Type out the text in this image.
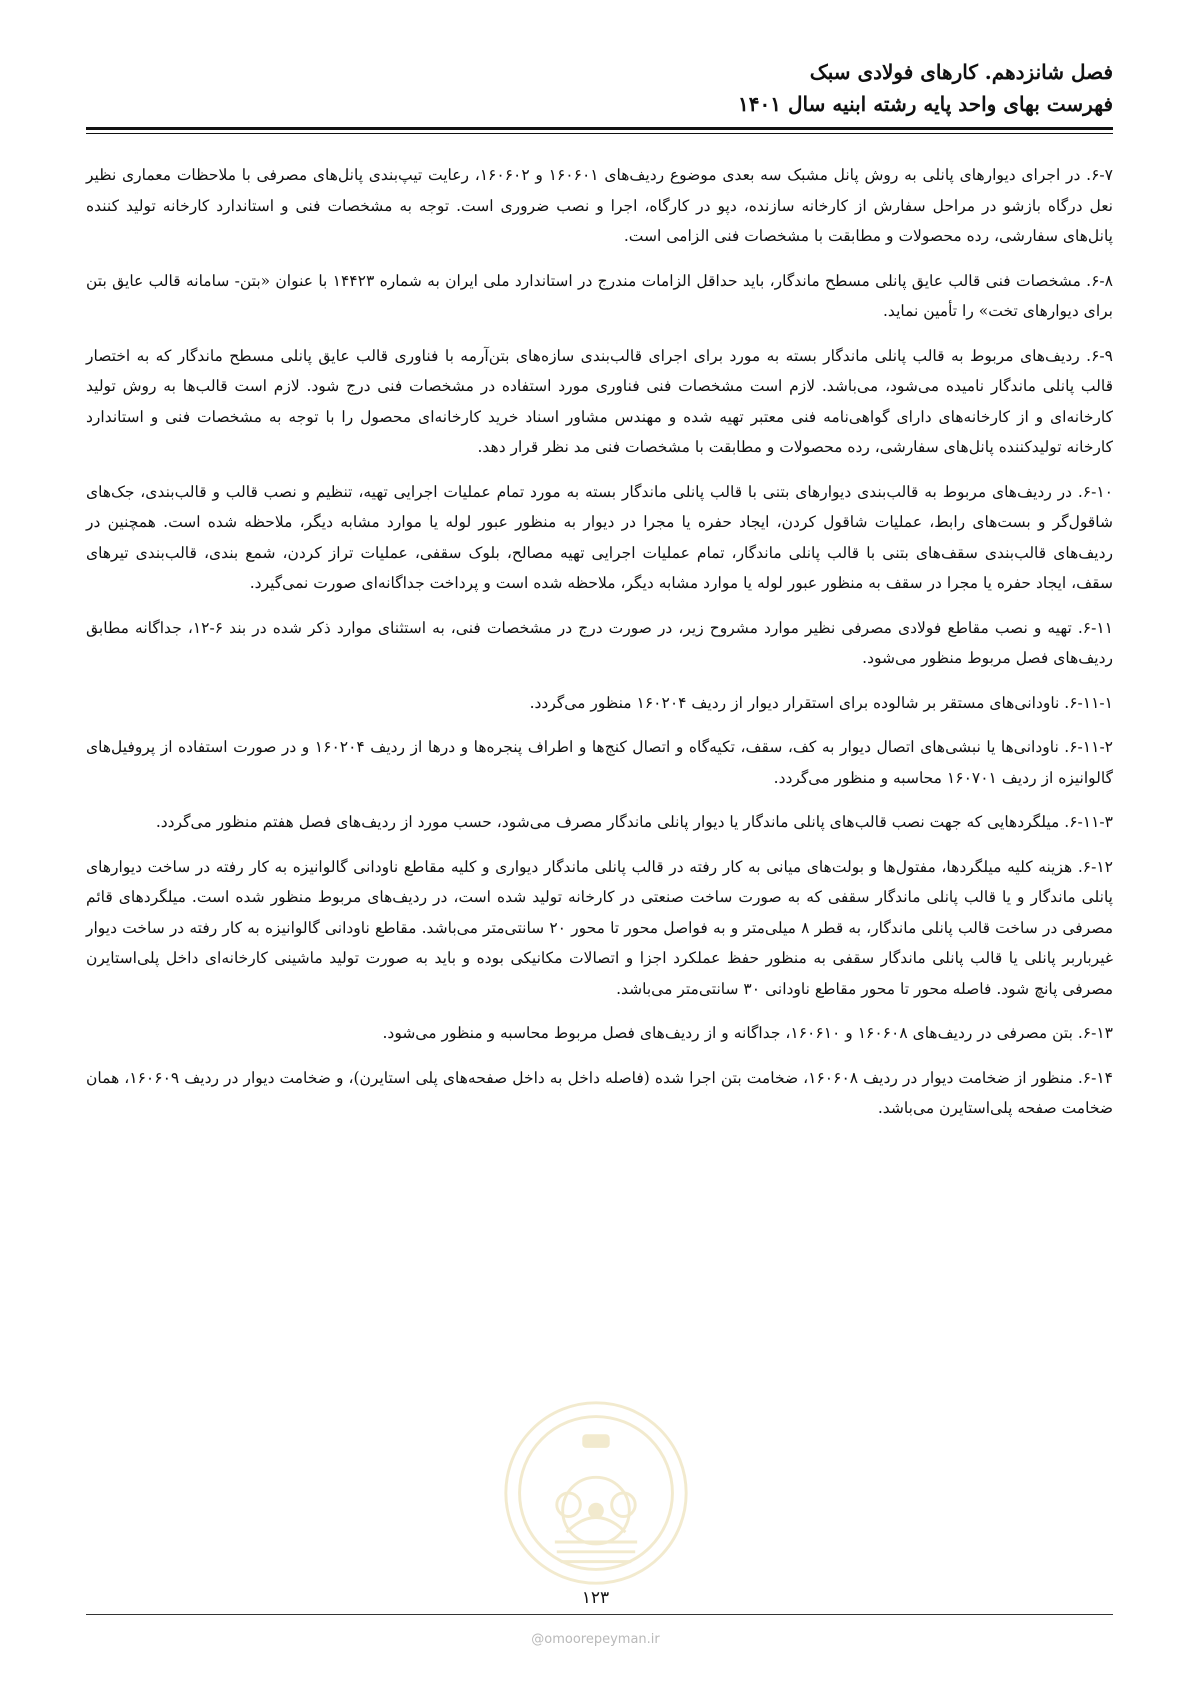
فصل شانزدهم. کارهای فولادی سبک

فهرست بهای واحد پایه رشته ابنیه سال ۱۴۰۱

۶-۷. در اجرای دیوارهای پانلی به روش پانل مشبک سه بعدی موضوع ردیف‌های ۱۶۰۶۰۱ و ۱۶۰۶۰۲، رعایت تیپ‌بندی پانل‌های مصرفی با ملاحظات معماری نظیر نعل درگاه بازشو در مراحل سفارش از کارخانه سازنده، دپو در کارگاه، اجرا و نصب ضروری است. توجه به مشخصات فنی و استاندارد کارخانه تولید کننده پانل‌های سفارشی، رده محصولات و مطابقت با مشخصات فنی الزامی است.

۶-۸. مشخصات فنی قالب عایق پانلی مسطح ماندگار، باید حداقل الزامات مندرج در استاندارد ملی ایران به شماره ۱۴۴۲۳ با عنوان «بتن- سامانه قالب عایق بتن برای دیوارهای تخت» را تأمین نماید.

۶-۹. ردیف‌های مربوط به قالب پانلی ماندگار بسته به مورد برای اجرای قالب‌بندی سازه‌های بتن‌آرمه با فناوری قالب عایق پانلی مسطح ماندگار که به اختصار قالب پانلی ماندگار نامیده می‌شود، می‌باشد. لازم است مشخصات فنی فناوری مورد استفاده در مشخصات فنی درج شود. لازم است قالب‌ها به روش تولید کارخانه‌ای و از کارخانه‌های دارای گواهی‌نامه فنی معتبر تهیه شده و مهندس مشاور اسناد خرید کارخانه‌ای محصول را با توجه به مشخصات فنی و استاندارد کارخانه تولیدکننده پانل‌های سفارشی، رده محصولات و مطابقت با مشخصات فنی مد نظر قرار دهد.

۶-۱۰. در ردیف‌های مربوط به قالب‌بندی دیوارهای بتنی با قالب پانلی ماندگار بسته به مورد تمام عملیات اجرایی تهیه، تنظیم و نصب قالب و قالب‌بندی، جک‌های شاقول‌گر و بست‌های رابط، عملیات شاقول کردن، ایجاد حفره یا مجرا در دیوار به منظور عبور لوله یا موارد مشابه دیگر، ملاحظه شده است. همچنین در ردیف‌های قالب‌بندی سقف‌های بتنی با قالب پانلی ماندگار، تمام عملیات اجرایی تهیه مصالح، بلوک سقفی، عملیات تراز کردن، شمع بندی، قالب‌بندی تیرهای سقف، ایجاد حفره یا مجرا در سقف به منظور عبور لوله یا موارد مشابه دیگر، ملاحظه شده است و پرداخت جداگانه‌ای صورت نمی‌گیرد.

۶-۱۱. تهیه و نصب مقاطع فولادی مصرفی نظیر موارد مشروح زیر، در صورت درج در مشخصات فنی، به استثنای موارد ذکر شده در بند ۶-۱۲، جداگانه مطابق ردیف‌های فصل مربوط منظور می‌شود.

۶-۱۱-۱. ناودانی‌های مستقر بر شالوده برای استقرار دیوار از ردیف ۱۶۰۲۰۴ منظور می‌گردد.

۶-۱۱-۲. ناودانی‌ها یا نبشی‌های اتصال دیوار به کف، سقف، تکیه‌گاه و اتصال کنج‌ها و اطراف پنجره‌ها و درها از ردیف ۱۶۰۲۰۴ و در صورت استفاده از پروفیل‌های گالوانیزه از ردیف ۱۶۰۷۰۱ محاسبه و منظور می‌گردد.

۶-۱۱-۳. میلگردهایی که جهت نصب قالب‌های پانلی ماندگار یا دیوار پانلی ماندگار مصرف می‌شود، حسب مورد از ردیف‌های فصل هفتم منظور می‌گردد.

۶-۱۲. هزینه کلیه میلگردها، مفتول‌ها و بولت‌های میانی به کار رفته در قالب پانلی ماندگار دیواری و کلیه مقاطع ناودانی گالوانیزه به کار رفته در ساخت دیوارهای پانلی ماندگار و یا قالب پانلی ماندگار سقفی که به صورت ساخت صنعتی در کارخانه تولید شده است، در ردیف‌های مربوط منظور شده است. میلگردهای قائم مصرفی در ساخت قالب پانلی ماندگار، به قطر ۸ میلی‌متر و به فواصل محور تا محور ۲۰ سانتی‌متر می‌باشد. مقاطع ناودانی گالوانیزه به کار رفته در ساخت دیوار غیرباربر پانلی یا قالب پانلی ماندگار سقفی به منظور حفظ عملکرد اجزا و اتصالات مکانیکی بوده و باید به صورت تولید ماشینی کارخانه‌ای داخل پلی‌استایرن مصرفی پانچ شود. فاصله محور تا محور مقاطع ناودانی ۳۰ سانتی‌متر می‌باشد.

۶-۱۳. بتن مصرفی در ردیف‌های ۱۶۰۶۰۸ و ۱۶۰۶۱۰، جداگانه و از ردیف‌های فصل مربوط محاسبه و منظور می‌شود.

۶-۱۴. منظور از ضخامت دیوار در ردیف ۱۶۰۶۰۸، ضخامت بتن اجرا شده (فاصله داخل به داخل صفحه‌های پلی استایرن)، و ضخامت دیوار در ردیف ۱۶۰۶۰۹، همان ضخامت صفحه پلی‌استایرن می‌باشد.

۱۲۳
@omoorepeyman.ir
